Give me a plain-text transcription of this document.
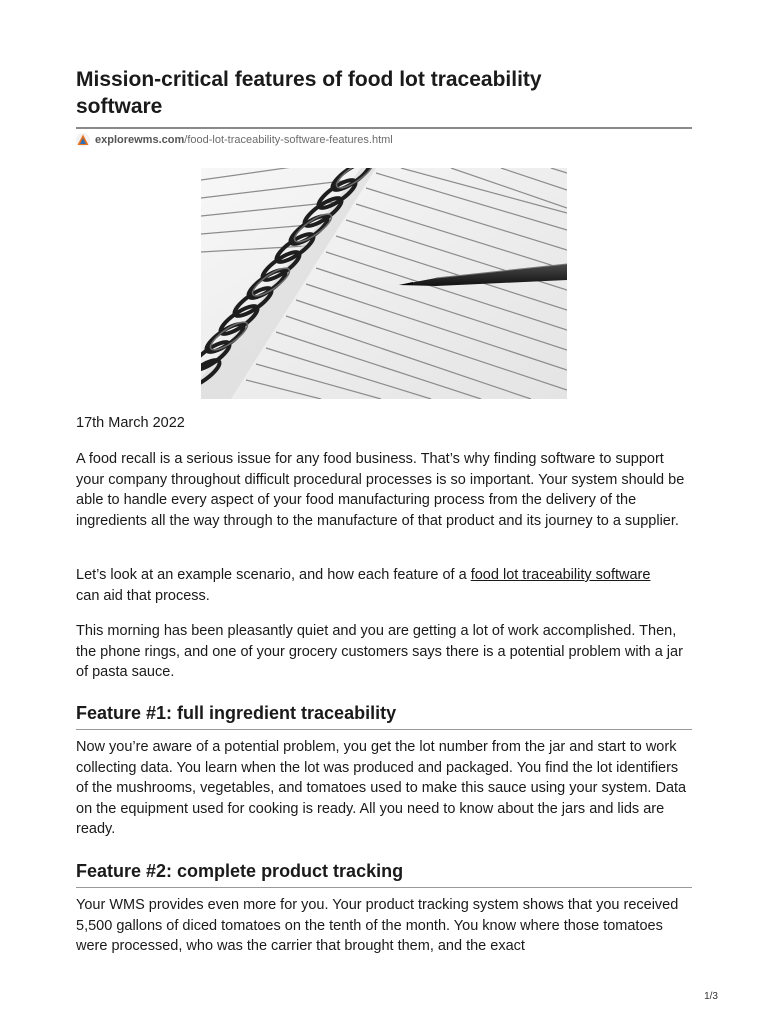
Mission-critical features of food lot traceability
software
explorewms.com /food-lot-traceability-software-features.html
17th March 2022

A food recall is a serious issue for any food business. That’s why finding software to support your company throughout difficult procedural processes is so important. Your system should be able to handle every aspect of your food manufacturing process from the delivery of the ingredients all the way through to the manufacture of that product and its journey to a supplier.

Let’s look at an example scenario, and how each feature of a food lot traceability software
can aid that process.

This morning has been pleasantly quiet and you are getting a lot of work accomplished. Then, the phone rings, and one of your grocery customers says there is a potential problem with a jar of pasta sauce.

Feature #1: full ingredient traceability

Now you’re aware of a potential problem, you get the lot number from the jar and start to work collecting data. You learn when the lot was produced and packaged. You find the lot identifiers of the mushrooms, vegetables, and tomatoes used to make this sauce using your system. Data on the equipment used for cooking is ready. All you need to know about the jars and lids are ready.

Feature #2: complete product tracking

Your WMS provides even more for you. Your product tracking system shows that you received 5,500 gallons of diced tomatoes on the tenth of the month. You know where those tomatoes were processed, who was the carrier that brought them, and the exact

1/3
